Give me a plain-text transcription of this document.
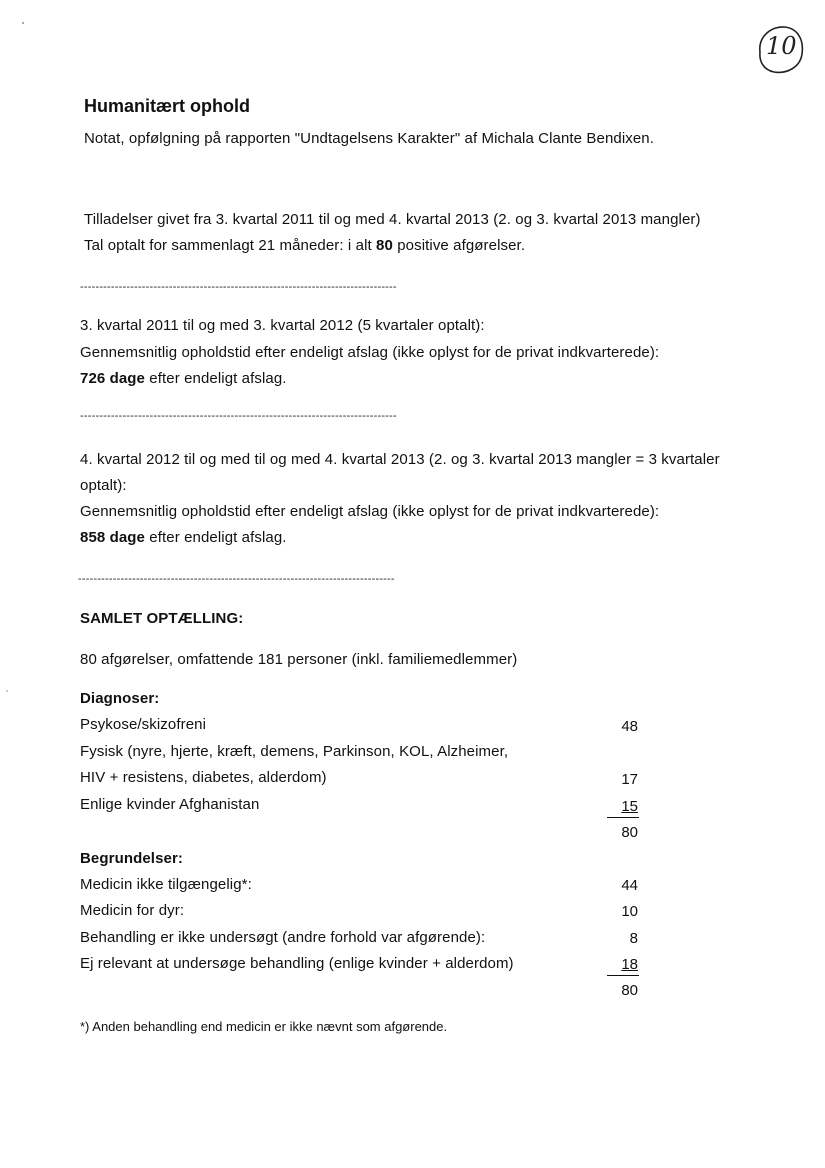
10
Humanitært ophold
Notat, opfølgning på rapporten "Undtagelsens Karakter" af Michala Clante Bendixen.
Tilladelser givet fra 3. kvartal 2011 til og med 4. kvartal 2013 (2. og 3. kvartal 2013 mangler)
Tal optalt for sammenlagt 21 måneder: i alt 80 positive afgørelser.
----------------------------------------------------------------------------------
3. kvartal 2011 til og med 3. kvartal 2012 (5 kvartaler optalt):
Gennemsnitlig opholdstid efter endeligt afslag (ikke oplyst for de privat indkvarterede):
726 dage efter endeligt afslag.
----------------------------------------------------------------------------------
4. kvartal 2012 til og med til og med 4. kvartal 2013 (2. og 3. kvartal 2013 mangler = 3 kvartaler
optalt):
Gennemsnitlig opholdstid efter endeligt afslag (ikke oplyst for de privat indkvarterede):
858 dage efter endeligt afslag.
----------------------------------------------------------------------------------
SAMLET OPTÆLLING:
80 afgørelser, omfattende 181 personer (inkl. familiemedlemmer)
Diagnoser:
Psykose/skizofreni	48
Fysisk (nyre, hjerte, kræft, demens, Parkinson, KOL, Alzheimer,
HIV + resistens, diabetes, alderdom)	17
Enlige kvinder Afghanistan	15
80
Begrundelser:
Medicin ikke tilgængelig*:	44
Medicin for dyr:	10
Behandling er ikke undersøgt (andre forhold var afgørende):	8
Ej relevant at undersøge behandling (enlige kvinder + alderdom)	18
80
*) Anden behandling end medicin er ikke nævnt som afgørende.
